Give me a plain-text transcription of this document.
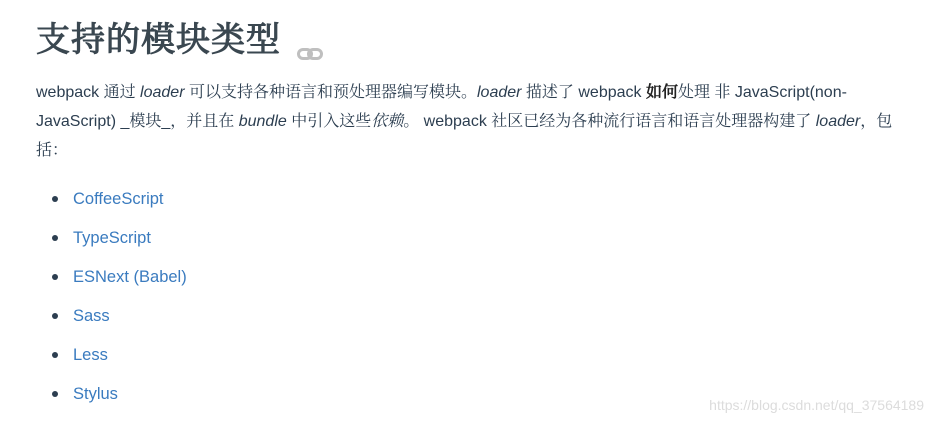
支持的模块类型

webpack 通过 loader 可以支持各种语言和预处理器编写模块。loader 描述了 webpack 如何处理 非 JavaScript(non-JavaScript) _模块_，并且在 bundle 中引入这些依赖。 webpack 社区已经为各种流行语言和语言处理器构建了 loader，包括：

CoffeeScript
TypeScript
ESNext (Babel)
Sass
Less
Stylus
https://blog.csdn.net/qq_37564189
